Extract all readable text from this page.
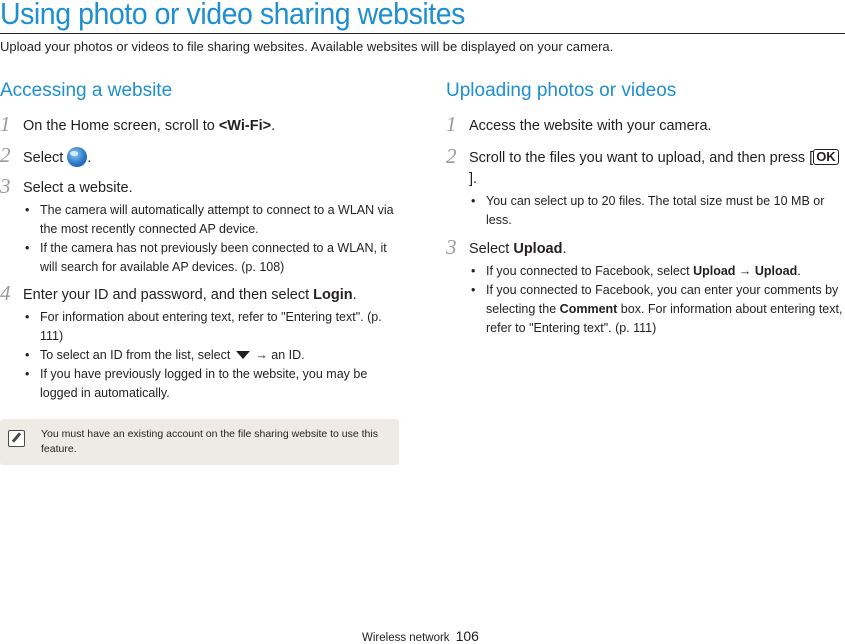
Using photo or video sharing websites
Upload your photos or videos to file sharing websites. Available websites will be displayed on your camera.
Accessing a website
1 On the Home screen, scroll to <Wi-Fi>.
2 Select .
3 Select a website.
• The camera will automatically attempt to connect to a WLAN via the most recently connected AP device.
• If the camera has not previously been connected to a WLAN, it will search for available AP devices. (p. 108)
4 Enter your ID and password, and then select Login.
• For information about entering text, refer to "Entering text". (p. 111)
• To select an ID from the list, select  → an ID.
• If you have previously logged in to the website, you may be logged in automatically.
You must have an existing account on the file sharing website to use this feature.
Uploading photos or videos
1 Access the website with your camera.
2 Scroll to the files you want to upload, and then press [ OK].
• You can select up to 20 files. The total size must be 10 MB or less.
3 Select Upload.
• If you connected to Facebook, select Upload → Upload.
• If you connected to Facebook, you can enter your comments by selecting the Comment box. For information about entering text, refer to "Entering text". (p. 111)
Wireless network 106
